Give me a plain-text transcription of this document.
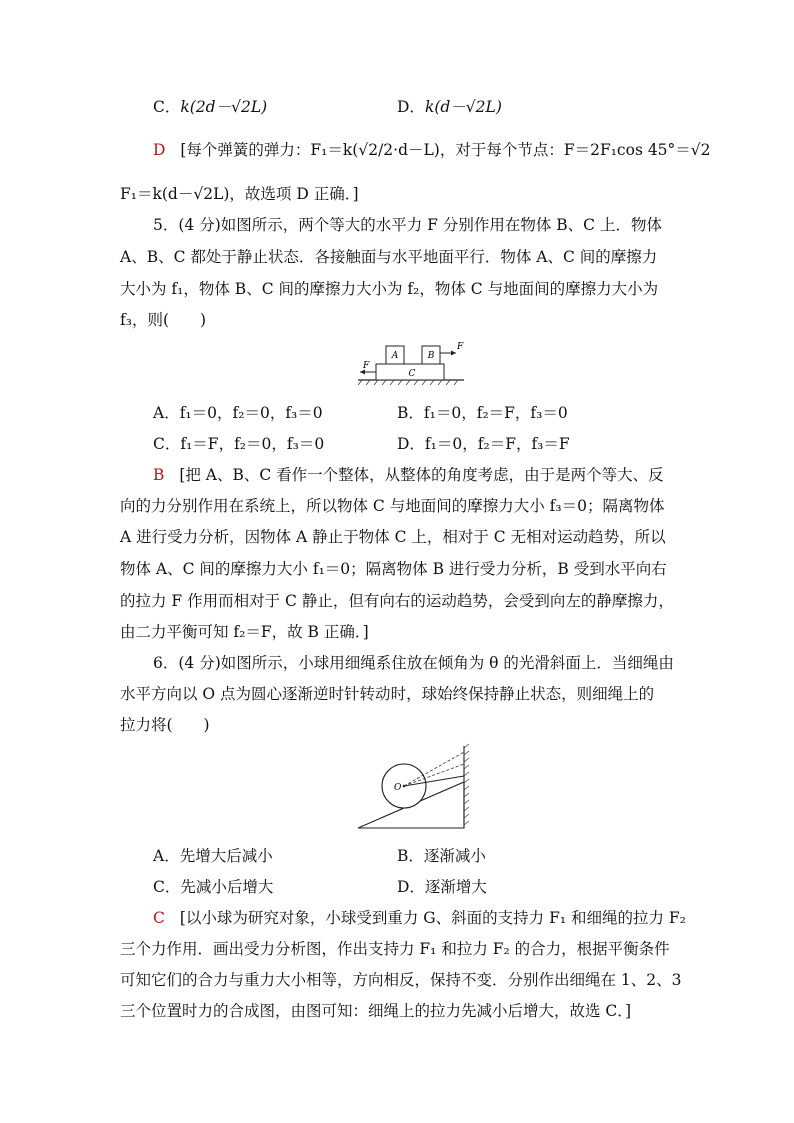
C．k(2d－√2L)	D．k(d－√2L)
D [每个弹簧的弹力：F₁＝k(√2/2·d－L)，对于每个节点：F＝2F₁cos 45°＝√2
F₁＝k(d－√2L)，故选项 D 正确．]
5．(4 分)如图所示，两个等大的水平力 F 分别作用在物体 B、C 上．物体
A、B、C 都处于静止状态．各接触面与水平地面平行．物体 A、C 间的摩擦力
大小为 f₁，物体 B、C 间的摩擦力大小为 f₂，物体 C 与地面间的摩擦力大小为
f₃，则(　　)
C
A	B
F
F
A．f₁＝0，f₂＝0，f₃＝0	B．f₁＝0，f₂＝F，f₃＝0
C．f₁＝F，f₂＝0，f₃＝0	D．f₁＝0，f₂＝F，f₃＝F
B [把 A、B、C 看作一个整体，从整体的角度考虑，由于是两个等大、反
向的力分别作用在系统上，所以物体 C 与地面间的摩擦力大小 f₃＝0；隔离物体
A 进行受力分析，因物体 A 静止于物体 C 上，相对于 C 无相对运动趋势，所以
物体 A、C 间的摩擦力大小 f₁＝0；隔离物体 B 进行受力分析，B 受到水平向右
的拉力 F 作用而相对于 C 静止，但有向右的运动趋势，会受到向左的静摩擦力，
由二力平衡可知 f₂＝F，故 B 正确．]
6．(4 分)如图所示，小球用细绳系住放在倾角为 θ 的光滑斜面上．当细绳由
水平方向以 O 点为圆心逐渐逆时针转动时，球始终保持静止状态，则细绳上的
拉力将(　　)
O
A．先增大后减小	B．逐渐减小
C．先减小后增大	D．逐渐增大
C [以小球为研究对象，小球受到重力 G、斜面的支持力 F₁ 和细绳的拉力 F₂
三个力作用．画出受力分析图，作出支持力 F₁ 和拉力 F₂ 的合力，根据平衡条件
可知它们的合力与重力大小相等，方向相反，保持不变．分别作出细绳在 1、2、3
三个位置时力的合成图，由图可知：细绳上的拉力先减小后增大，故选 C．]
